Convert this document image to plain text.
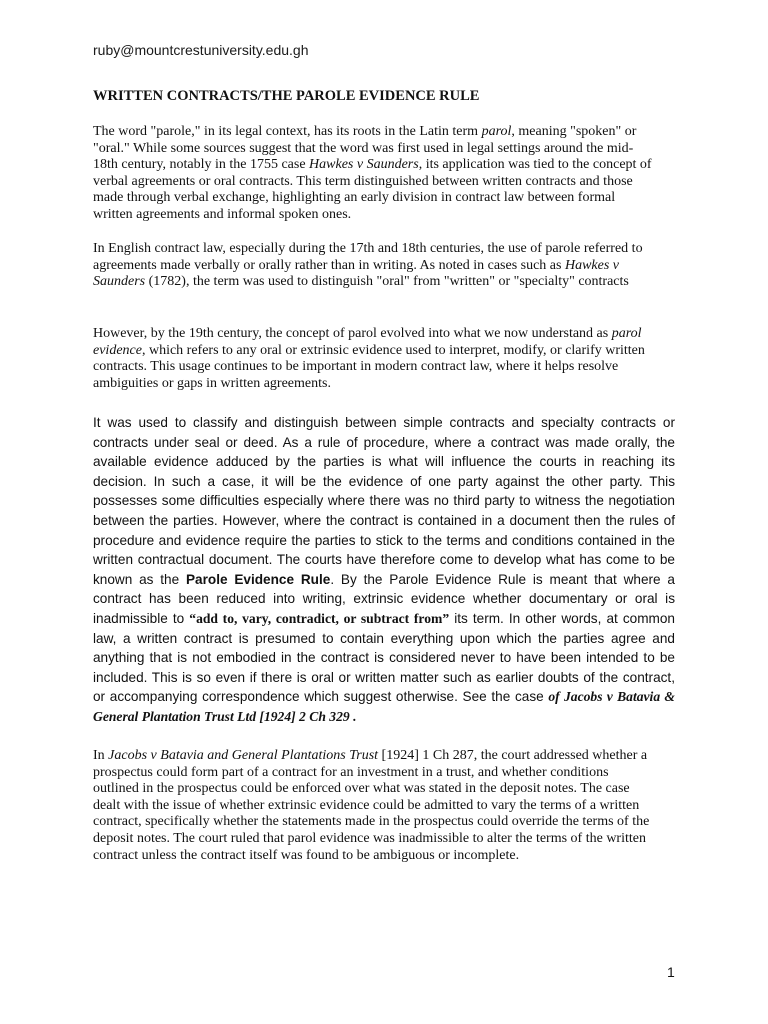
ruby@mountcrestuniversity.edu.gh
WRITTEN CONTRACTS/THE PAROLE EVIDENCE RULE

The word "parole," in its legal context, has its roots in the Latin term parol, meaning "spoken" or "oral." While some sources suggest that the word was first used in legal settings around the mid-18th century, notably in the 1755 case Hawkes v Saunders, its application was tied to the concept of verbal agreements or oral contracts. This term distinguished between written contracts and those made through verbal exchange, highlighting an early division in contract law between formal written agreements and informal spoken ones.

In English contract law, especially during the 17th and 18th centuries, the use of parole referred to agreements made verbally or orally rather than in writing. As noted in cases such as Hawkes v Saunders (1782), the term was used to distinguish "oral" from "written" or "specialty" contracts

However, by the 19th century, the concept of parol evolved into what we now understand as parol evidence, which refers to any oral or extrinsic evidence used to interpret, modify, or clarify written contracts. This usage continues to be important in modern contract law, where it helps resolve ambiguities or gaps in written agreements.

It was used to classify and distinguish between simple contracts and specialty contracts or contracts under seal or deed. As a rule of procedure, where a contract was made orally, the available evidence adduced by the parties is what will influence the courts in reaching its decision. In such a case, it will be the evidence of one party against the other party. This possesses some difficulties especially where there was no third party to witness the negotiation between the parties. However, where the contract is contained in a document then the rules of procedure and evidence require the parties to stick to the terms and conditions contained in the written contractual document. The courts have therefore come to develop what has come to be known as the Parole Evidence Rule. By the Parole Evidence Rule is meant that where a contract has been reduced into writing, extrinsic evidence whether documentary or oral is inadmissible to “add to, vary, contradict, or subtract from” its term. In other words, at common law, a written contract is presumed to contain everything upon which the parties agree and anything that is not embodied in the contract is considered never to have been intended to be included. This is so even if there is oral or written matter such as earlier doubts of the contract, or accompanying correspondence which suggest otherwise. See the case of Jacobs v Batavia & General Plantation Trust Ltd [1924] 2 Ch 329 .

In Jacobs v Batavia and General Plantations Trust [1924] 1 Ch 287, the court addressed whether a prospectus could form part of a contract for an investment in a trust, and whether conditions outlined in the prospectus could be enforced over what was stated in the deposit notes. The case dealt with the issue of whether extrinsic evidence could be admitted to vary the terms of a written contract, specifically whether the statements made in the prospectus could override the terms of the deposit notes. The court ruled that parol evidence was inadmissible to alter the terms of the written contract unless the contract itself was found to be ambiguous or incomplete.

1
